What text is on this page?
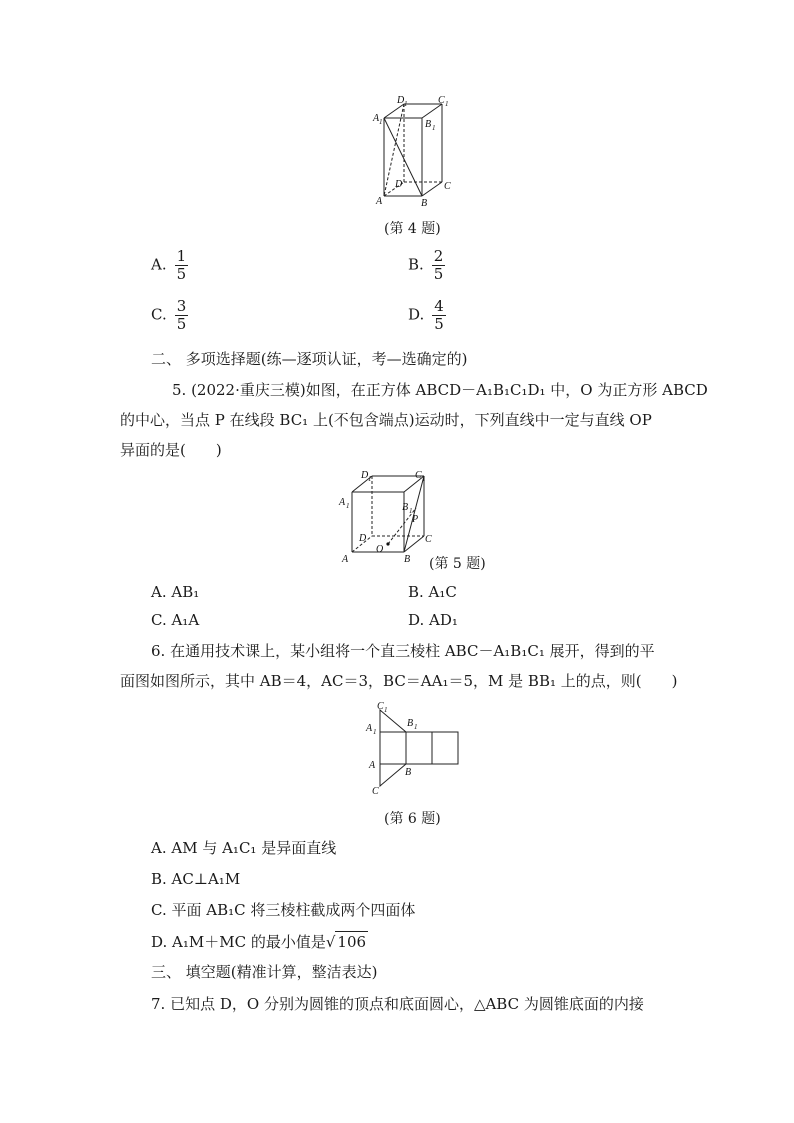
A 1
D 1	C 1
B 1
D	C
A	B
(第 4 题)
A. $\frac{1}{5}$	B. $\frac{2}{5}$
C. $\frac{3}{5}$	D. $\frac{4}{5}$
二、 多项选择题(练—逐项认证，考—选确定的)
5. (2022·重庆三模)如图，在正方体 ABCD－A₁B₁C₁D₁ 中，O 为正方形 ABCD
的中心，当点 P 在线段 BC₁ 上(不包含端点)运动时，下列直线中一定与直线 OP
异面的是(　　)
D 1	C 1
A 1	B 1
P
D	C
O
A	B (第 5 题)
A. AB₁	B. A₁C
C. A₁A	D. AD₁
6. 在通用技术课上，某小组将一个直三棱柱 ABC－A₁B₁C₁ 展开，得到的平
面图如图所示，其中 AB＝4，AC＝3，BC＝AA₁＝5，M 是 BB₁ 上的点，则(　　)
C 1
B 1
A 1
A
B
C
(第 6 题)
A. AM 与 A₁C₁ 是异面直线
B. AC⊥A₁M
C. 平面 AB₁C 将三棱柱截成两个四面体
D. A₁M＋MC 的最小值是√ 106
三、 填空题(精准计算，整洁表达)
7. 已知点 D，O 分别为圆锥的顶点和底面圆心，△ABC 为圆锥底面的内接
